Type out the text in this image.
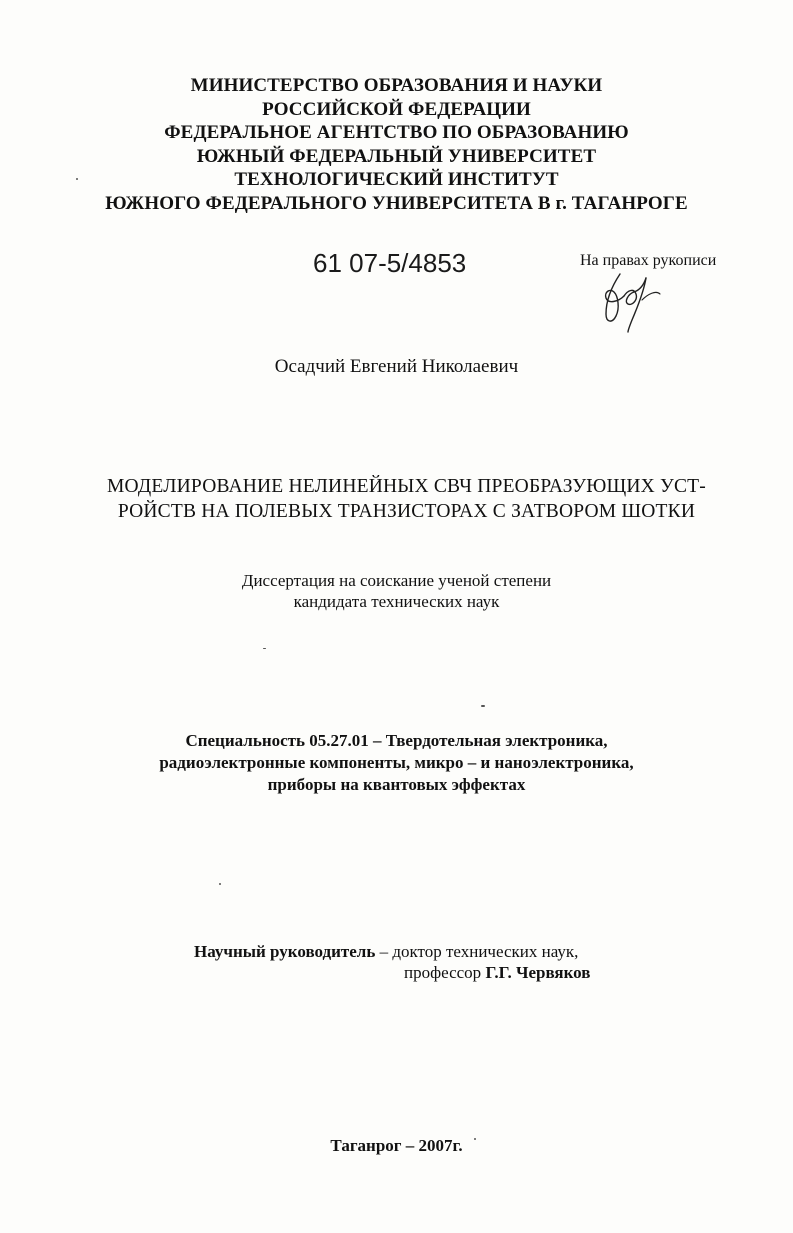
МИНИСТЕРСТВО ОБРАЗОВАНИЯ И НАУКИ
РОССИЙСКОЙ ФЕДЕРАЦИИ
ФЕДЕРАЛЬНОЕ АГЕНТСТВО ПО ОБРАЗОВАНИЮ
ЮЖНЫЙ ФЕДЕРАЛЬНЫЙ УНИВЕРСИТЕТ
ТЕХНОЛОГИЧЕСКИЙ ИНСТИТУТ
ЮЖНОГО ФЕДЕРАЛЬНОГО УНИВЕРСИТЕТА В г. ТАГАНРОГЕ
61 07-5/4853	На правах рукописи
Осадчий Евгений Николаевич
МОДЕЛИРОВАНИЕ НЕЛИНЕЙНЫХ СВЧ ПРЕОБРАЗУЮЩИХ УСТ-
РОЙСТВ НА ПОЛЕВЫХ ТРАНЗИСТОРАХ С ЗАТВОРОМ ШОТКИ
Диссертация на соискание ученой степени
кандидата технических наук
Специальность 05.27.01 – Твердотельная электроника,
радиоэлектронные компоненты, микро – и наноэлектроника,
приборы на квантовых эффектах
Научный руководитель – доктор технических наук,
профессор Г.Г. Червяков
Таганрог – 2007г.
